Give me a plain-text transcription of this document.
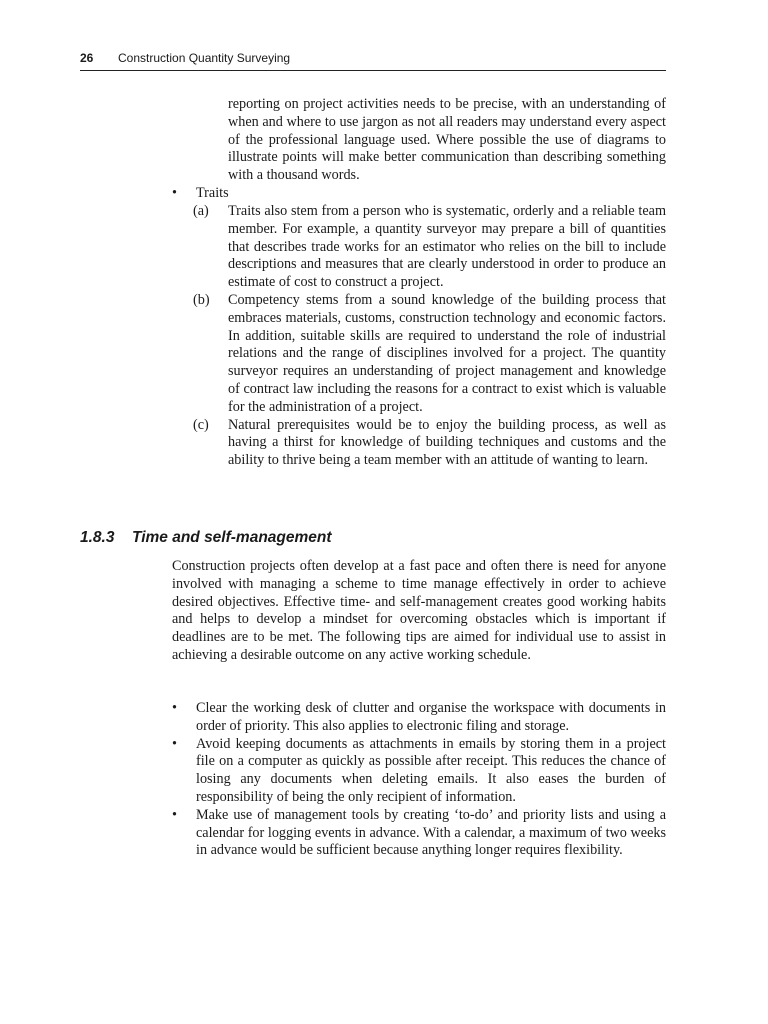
26 Construction Quantity Surveying
reporting on project activities needs to be precise, with an understanding of when and where to use jargon as not all readers may understand every aspect of the professional language used. Where possible the use of diagrams to illustrate points will make better communication than describing something with a thousand words.
• Traits
(a) Traits also stem from a person who is systematic, orderly and a reliable team member. For example, a quantity surveyor may prepare a bill of quantities that describes trade works for an estimator who relies on the bill to include descriptions and measures that are clearly understood in order to produce an estimate of cost to construct a project.
(b) Competency stems from a sound knowledge of the building process that embraces materials, customs, construction technology and economic factors. In addition, suitable skills are required to understand the role of industrial relations and the range of disciplines involved for a project. The quantity surveyor requires an understanding of project management and knowledge of contract law including the reasons for a contract to exist which is valuable for the administration of a project.
(c) Natural prerequisites would be to enjoy the building process, as well as having a thirst for knowledge of building techniques and customs and the ability to thrive being a team member with an attitude of wanting to learn.
1.8.3 Time and self-management
Construction projects often develop at a fast pace and often there is need for anyone involved with managing a scheme to time manage effectively in order to achieve desired objectives. Effective time- and self-management creates good working habits and helps to develop a mindset for overcoming obstacles which is important if deadlines are to be met. The following tips are aimed for individual use to assist in achieving a desirable outcome on any active working schedule.
• Clear the working desk of clutter and organise the workspace with documents in order of priority. This also applies to electronic filing and storage.
• Avoid keeping documents as attachments in emails by storing them in a project file on a computer as quickly as possible after receipt. This reduces the chance of losing any documents when deleting emails. It also eases the burden of responsibility of being the only recipient of information.
• Make use of management tools by creating ‘to-do’ and priority lists and using a calendar for logging events in advance. With a calendar, a maximum of two weeks in advance would be sufficient because anything longer requires flexibility.
